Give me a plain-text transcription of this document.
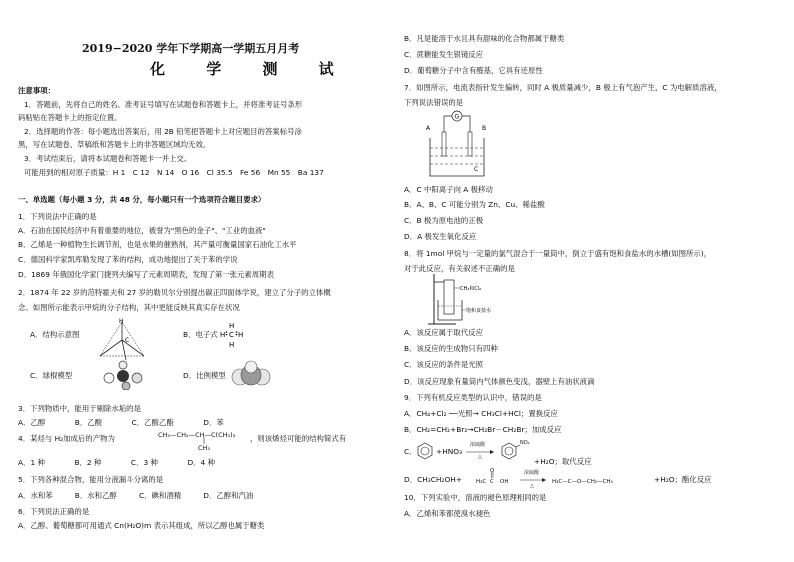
2019−2020 学年下学期高一学期五月月考
化 学 测 试
注意事项：
1．答题前，先将自己的姓名、准考证号填写在试题卷和答题卡上，并将准考证号条形
码粘贴在答题卡上的指定位置。
2．选择题的作答：每小题选出答案后，用 2B 铅笔把答题卡上对应题目的答案标号涂
黑，写在试题卷、草稿纸和答题卡上的非答题区域均无效。
3．考试结束后，请将本试题卷和答题卡一并上交。
可能用到的相对原子质量：H 1　C 12　N 14　O 16　Cl 35.5　Fe 56　Mn 55　Ba 137
一、单选题（每小题 3 分，共 48 分，每小题只有一个选项符合题目要求）
1．下列说法中正确的是
A．石油在国民经济中有着重要的地位，被誉为"黑色的金子"、"工业的血液"
B．乙烯是一种植物生长调节剂，也是水果的催熟剂，其产量可衡量国家石油化工水平
C．德国科学家凯库勒发现了苯的结构，成功地提出了关于苯的学说
D．1869 年俄国化学家门捷列夫编写了元素周期表，发现了第一张元素周期表
2．1874 年 22 岁的范特霍夫和 27 岁的勒贝尔分别提出碳正四面体学说，建立了分子的立体概
念。如图所示能表示甲烷的分子结构，其中更能反映其真实存在状况
3．下列物质中，能用于剔除水垢的是
A．乙醇　　　　B．乙酸　　　　C．乙酸乙酯　　　　D．苯
4．某烃与 H₂加成后的产物为	，则该烯烃可能的结构简式有
A．1 种　　　　B．2 种　　　　C．3 种　　　　D．4 种
5．下列各种混合物，能用分液漏斗分离的是
A．水和苯　　　B．水和乙醇　　　C．碘和酒精　　　D．乙醇和汽油
6．下列说法正确的是
A．乙醇、葡萄糖都可用通式 Cn(H₂O)m 表示其组成，所以乙醇也属于糖类
A．结构示意图
H
C
B．电子式
H
H C H
H
C．球棍模型	D．比例模型
CH₃—CH₂—CH—C(CH₃)₃
CH₃
B．凡是能溶于水且具有甜味的化合物都属于糖类
C．蔗糖能发生银镜反应
D．葡萄糖分子中含有醛基，它具有还原性
7．如图所示，电流表指针发生偏转，同时 A 极质量减少，B 极上有气泡产生，C 为电解质溶液，
下列说法错误的是
A．C 中阳离子向 A 极移动
B．A、B、C 可能分别为 Zn、Cu、稀盐酸
C．B 极为原电池的正极
D．A 极发生氧化反应
8．将 1mol 甲烷与一定量的氯气混合于一量筒中，倒立于盛有饱和食盐水的水槽(如图所示)，
对于此反应，有关叙述不正确的是
A．该反应属于取代反应
B．该反应的生成物只有四种
C．该反应的条件是光照
D．该反应现象有量筒内气体颜色变浅，器壁上有油状液滴
9．下列有机反应类型的认识中，错误的是
A．CH₄+Cl₂ ──光照→ CH₃Cl+HCl；置换反应
B．CH₂=CH₂+Br₂→CH₂Br－CH₂Br；加成反应
+H₂O；取代反应
+H₂O；酯化反应
10．下列实验中，溶液的褪色原理相同的是
A．乙烯和苯都使溴水褪色
G
A	B
C
CH₄和Cl₂
饱和食盐水
C．	+HNO₃
浓硫酸
△
NO₂
D．CH₃CH₂OH+	H₃C C
O
OH
浓硫酸
△
H₃C—C—O—CH₂—CH₃
